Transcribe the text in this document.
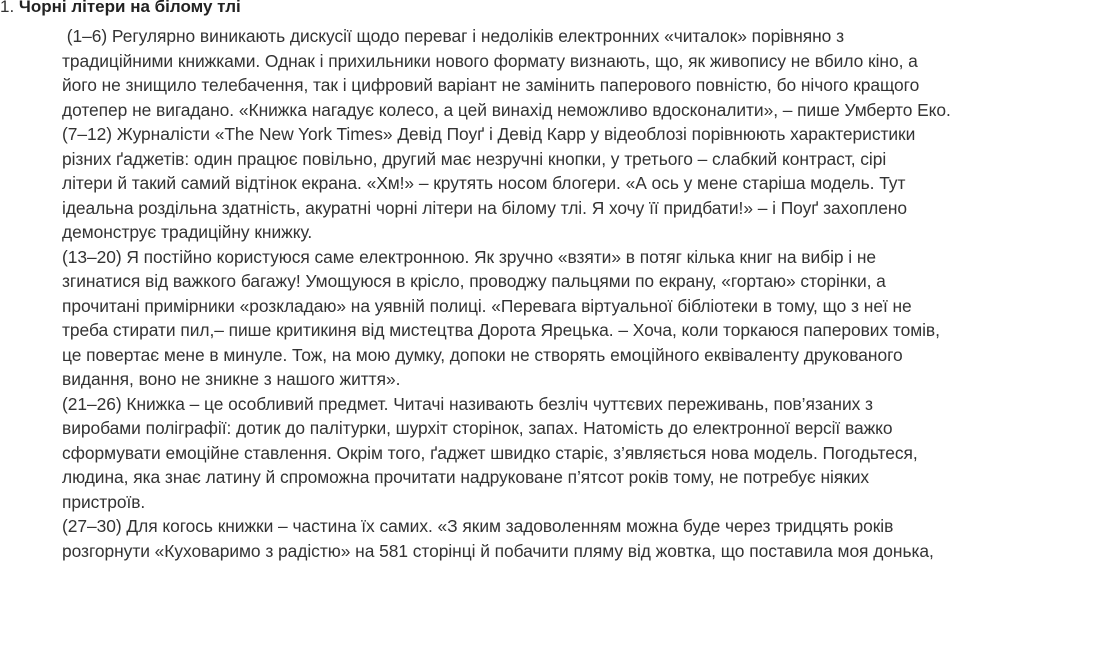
1. Чорні літери на білому тлі
(1–6) Регулярно виникають дискусії щодо переваг і недоліків електронних «читалок» порівняно з
традиційними книжками. Однак і прихильники нового формату визнають, що, як живопису не вбило кіно, а
його не знищило телебачення, так і цифровий варіант не замінить паперового повністю, бо нічого кращого
дотепер не вигадано. «Книжка нагадує колесо, а цей винахід неможливо вдосконалити», – пише Умберто Еко.
(7–12) Журналісти «The New York Times» Девід Поуґ і Девід Карр у відеоблозі порівнюють характеристики
різних ґаджетів: один працює повільно, другий має незручні кнопки, у третього – слабкий контраст, сірі
літери й такий самий відтінок екрана. «Хм!» – крутять носом блогери. «А ось у мене старіша модель. Тут
ідеальна роздільна здатність, акуратні чорні літери на білому тлі. Я хочу її придбати!» – і Поуґ захоплено
демонструє традиційну книжку.
(13–20) Я постійно користуюся саме електронною. Як зручно «взяти» в потяг кілька книг на вибір і не
згинатися від важкого багажу! Умощуюся в крісло, проводжу пальцями по екрану, «гортаю» сторінки, а
прочитані примірники «розкладаю» на уявній полиці. «Перевага віртуальної бібліотеки в тому, що з неї не
треба стирати пил,– пише критикиня від мистецтва Дорота Ярецька. – Хоча, коли торкаюся паперових томів,
це повертає мене в минуле. Тож, на мою думку, допоки не створять емоційного еквіваленту друкованого
видання, воно не зникне з нашого життя».
(21–26) Книжка – це особливий предмет. Читачі називають безліч чуттєвих переживань, пов’язаних з
виробами поліграфії: дотик до палітурки, шурхіт сторінок, запах. Натомість до електронної версії важко
сформувати емоційне ставлення. Окрім того, ґаджет швидко старіє, з’являється нова модель. Погодьтеся,
людина, яка знає латину й спроможна прочитати надруковане п’ятсот років тому, не потребує ніяких
пристроїв.
(27–30) Для когось книжки – частина їх самих. «З яким задоволенням можна буде через тридцять років
розгорнути «Куховаримо з радістю» на 581 сторінці й побачити пляму від жовтка, що поставила моя донька,
